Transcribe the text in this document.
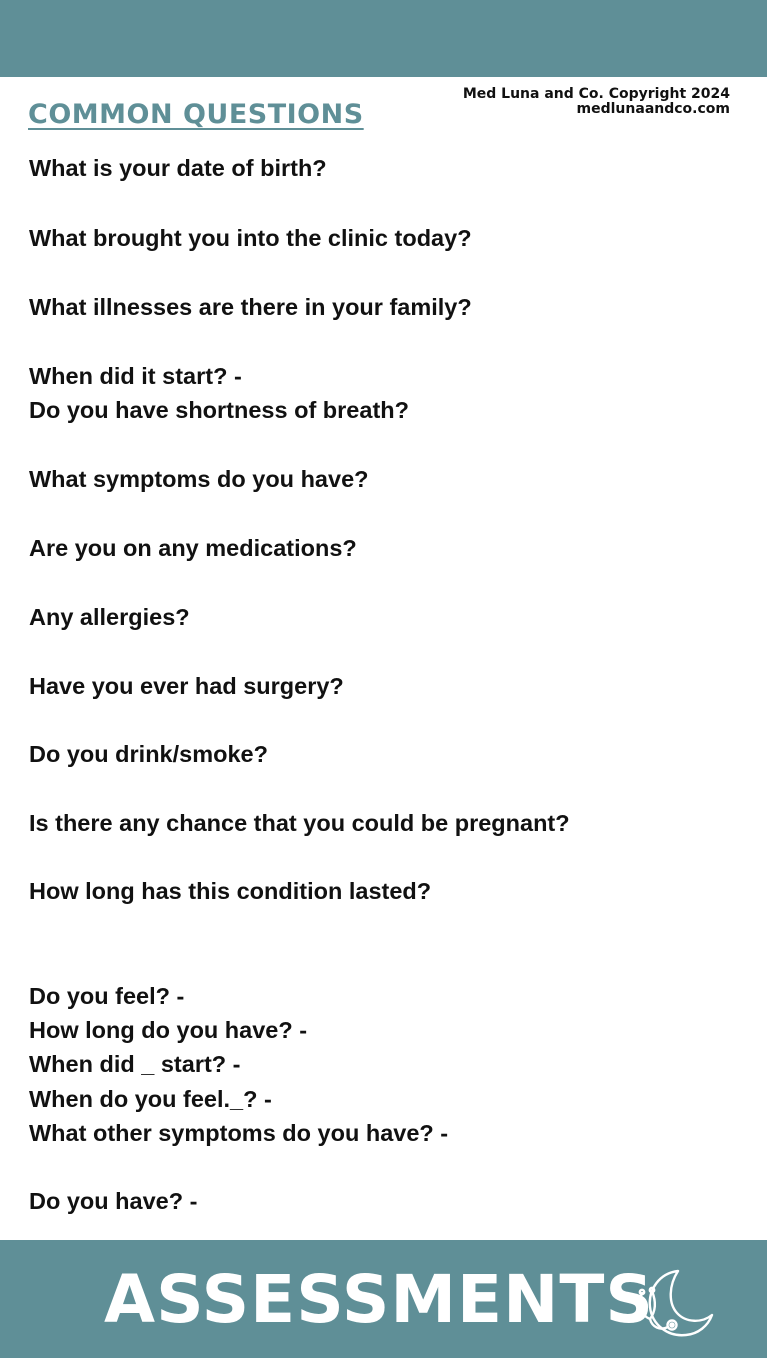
Med Luna and Co. Copyright 2024
medlunaandco.com
COMMON QUESTIONS

What is your date of birth?

What brought you into the clinic today?

What illnesses are there in your family?

When did it start? -

Do you have shortness of breath?

What symptoms do you have?

Are you on any medications?

Any allergies?

Have you ever had surgery?

Do you drink/smoke?

Is there any chance that you could be pregnant?

How long has this condition lasted?

Do you feel? -

How long do you have? -

When did _ start? -

When do you feel._? -

What other symptoms do you have? -

Do you have? -

ASSESSMENTS
